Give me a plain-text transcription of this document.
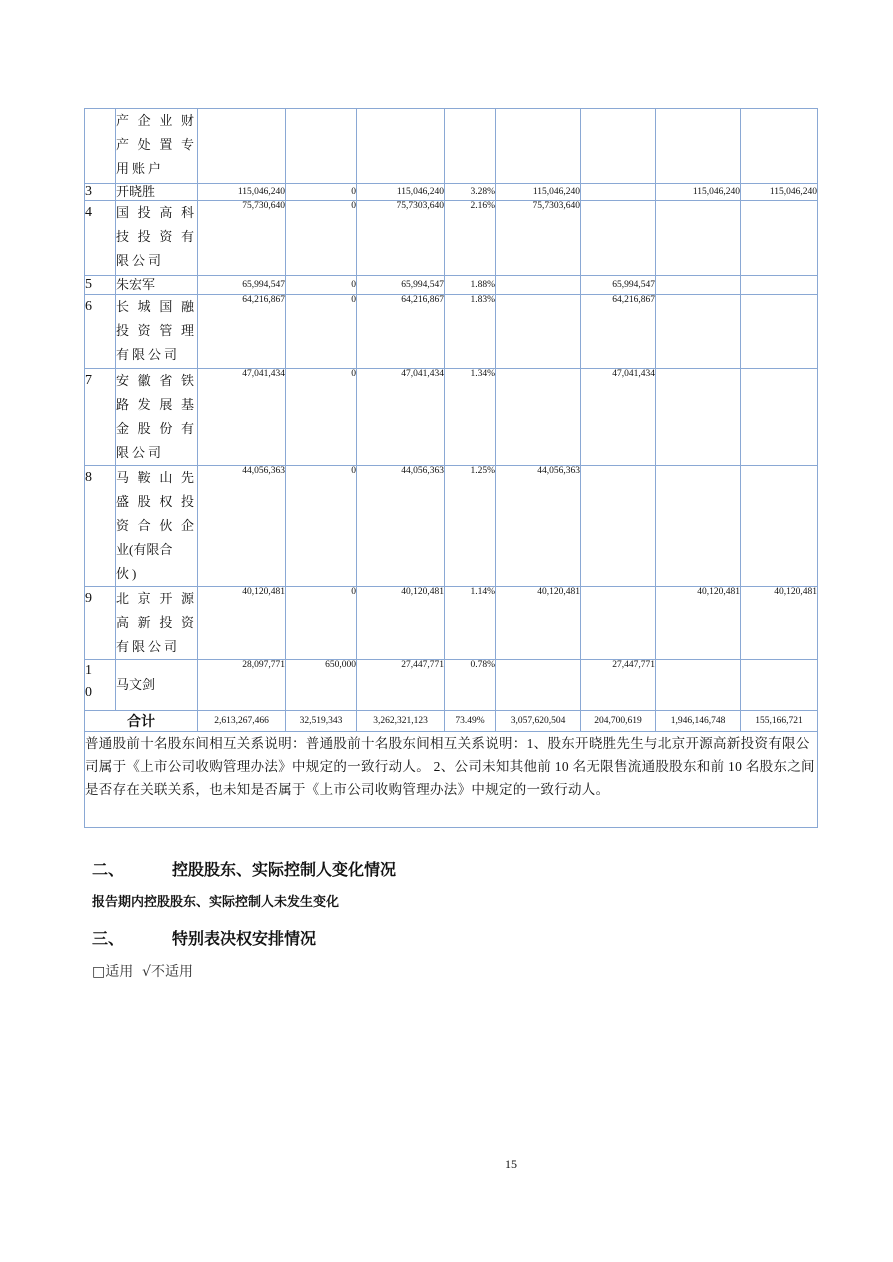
	产企业财
产处置专
用账户								

3	开晓胜	115,046,240	0	115,046,240	3.28%	115,046,240		115,046,240	115,046,240
4	国投高科
技投资有
限公司	75,730,640	0	75,7303,640	2.16%	75,7303,640			
5	朱宏军	65,994,547	0	65,994,547	1.88%		65,994,547		
6	长城国融
投资管理
有限公司	64,216,867	0	64,216,867	1.83%		64,216,867		
7	安徽省铁
路发展基
金股份有
限公司	47,041,434	0	47,041,434	1.34%		47,041,434		
8	马鞍山先
盛股权投
资合伙企
业(有限合
伙)	44,056,363	0	44,056,363	1.25%	44,056,363			
9	北京开源
高新投资
有限公司	40,120,481	0	40,120,481	1.14%	40,120,481		40,120,481	40,120,481

1
0	马文剑	28,097,771	650,000	27,447,771	0.78%		27,447,771		
合计		2,613,267,466	32,519,343	3,262,321,123	73.49%	3,057,620,504	204,700,619	1,946,146,748	155,166,721
普通股前十名股东间相互关系说明：普通股前十名股东间相互关系说明：1、股东开晓胜先生与北京开源高新投资有限公司属于《上市公司收购管理办法》中规定的一致行动人。 2、公司未知其他前 10 名无限售流通股股东和前 10 名股东之间是否存在关联关系，也未知是否属于《上市公司收购管理办法》中规定的一致行动人。									
二、	控股股东、实际控制人变化情况
报告期内控股股东、实际控制人未发生变化
三、	特别表决权安排情况
□适用 √不适用
15
